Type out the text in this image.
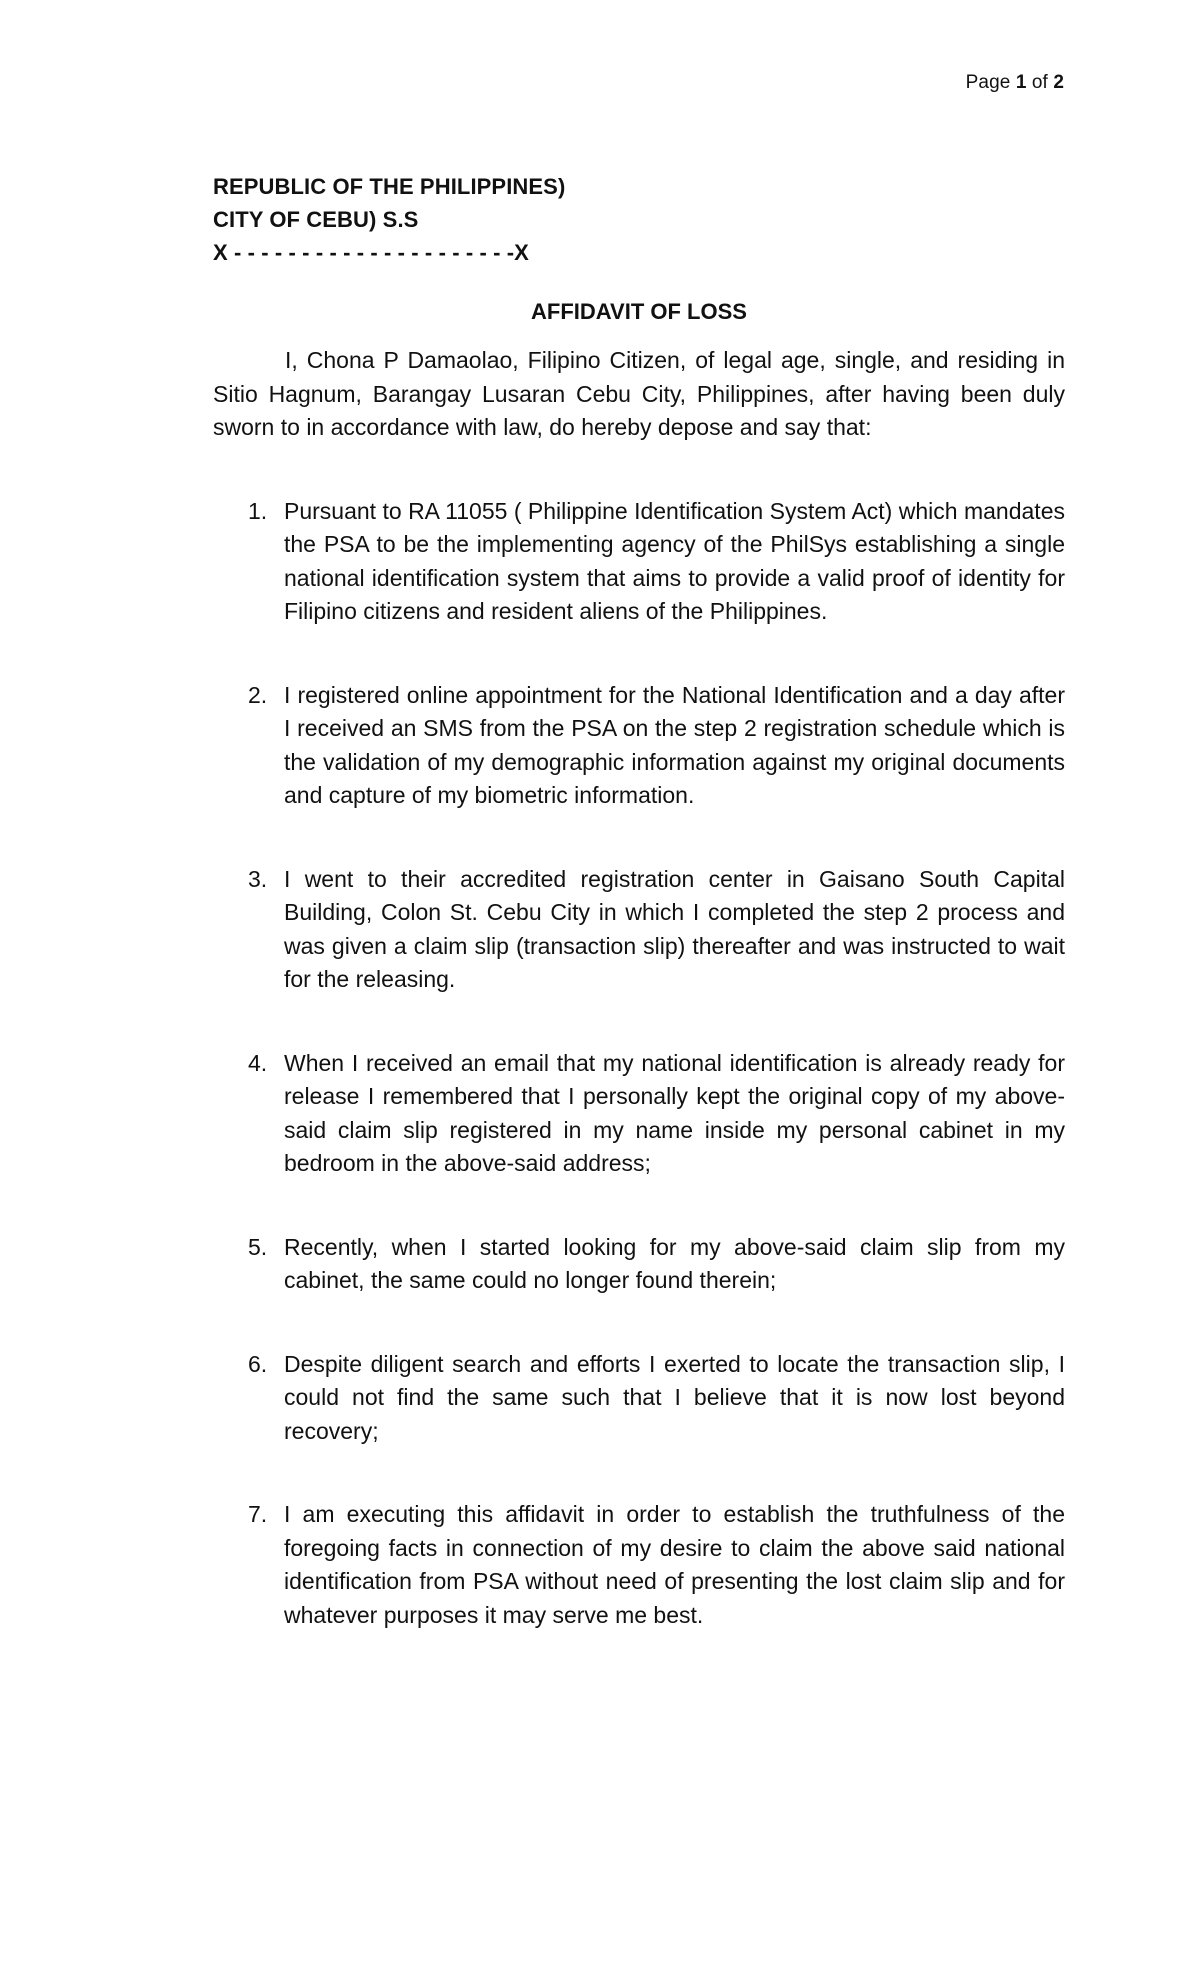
Page 1 of 2
REPUBLIC OF THE PHILIPPINES)
CITY OF CEBU) S.S
X - - - - - - - - - - - - - - - - - - - - -X
AFFIDAVIT OF LOSS

I, Chona P Damaolao, Filipino Citizen, of legal age, single, and residing in Sitio Hagnum, Barangay Lusaran Cebu City, Philippines, after having been duly sworn to in accordance with law, do hereby depose and say that:

1. Pursuant to RA 11055 ( Philippine Identification System Act) which mandates the PSA to be the implementing agency of the PhilSys establishing a single national identification system that aims to provide a valid proof of identity for Filipino citizens and resident aliens of the Philippines.
2. I registered online appointment for the National Identification and a day after I received an SMS from the PSA on the step 2 registration schedule which is the validation of my demographic information against my original documents and capture of my biometric information.
3. I went to their accredited registration center in Gaisano South Capital Building, Colon St. Cebu City in which I completed the step 2 process and was given a claim slip (transaction slip) thereafter and was instructed to wait for the releasing.
4. When I received an email that my national identification is already ready for release I remembered that I personally kept the original copy of my above-said claim slip registered in my name inside my personal cabinet in my bedroom in the above-said address;
5. Recently, when I started looking for my above-said claim slip from my cabinet, the same could no longer found therein;
6. Despite diligent search and efforts I exerted to locate the transaction slip, I could not find the same such that I believe that it is now lost beyond recovery;
7. I am executing this affidavit in order to establish the truthfulness of the foregoing facts in connection of my desire to claim the above said national identification from PSA without need of presenting the lost claim slip and for whatever purposes it may serve me best.
